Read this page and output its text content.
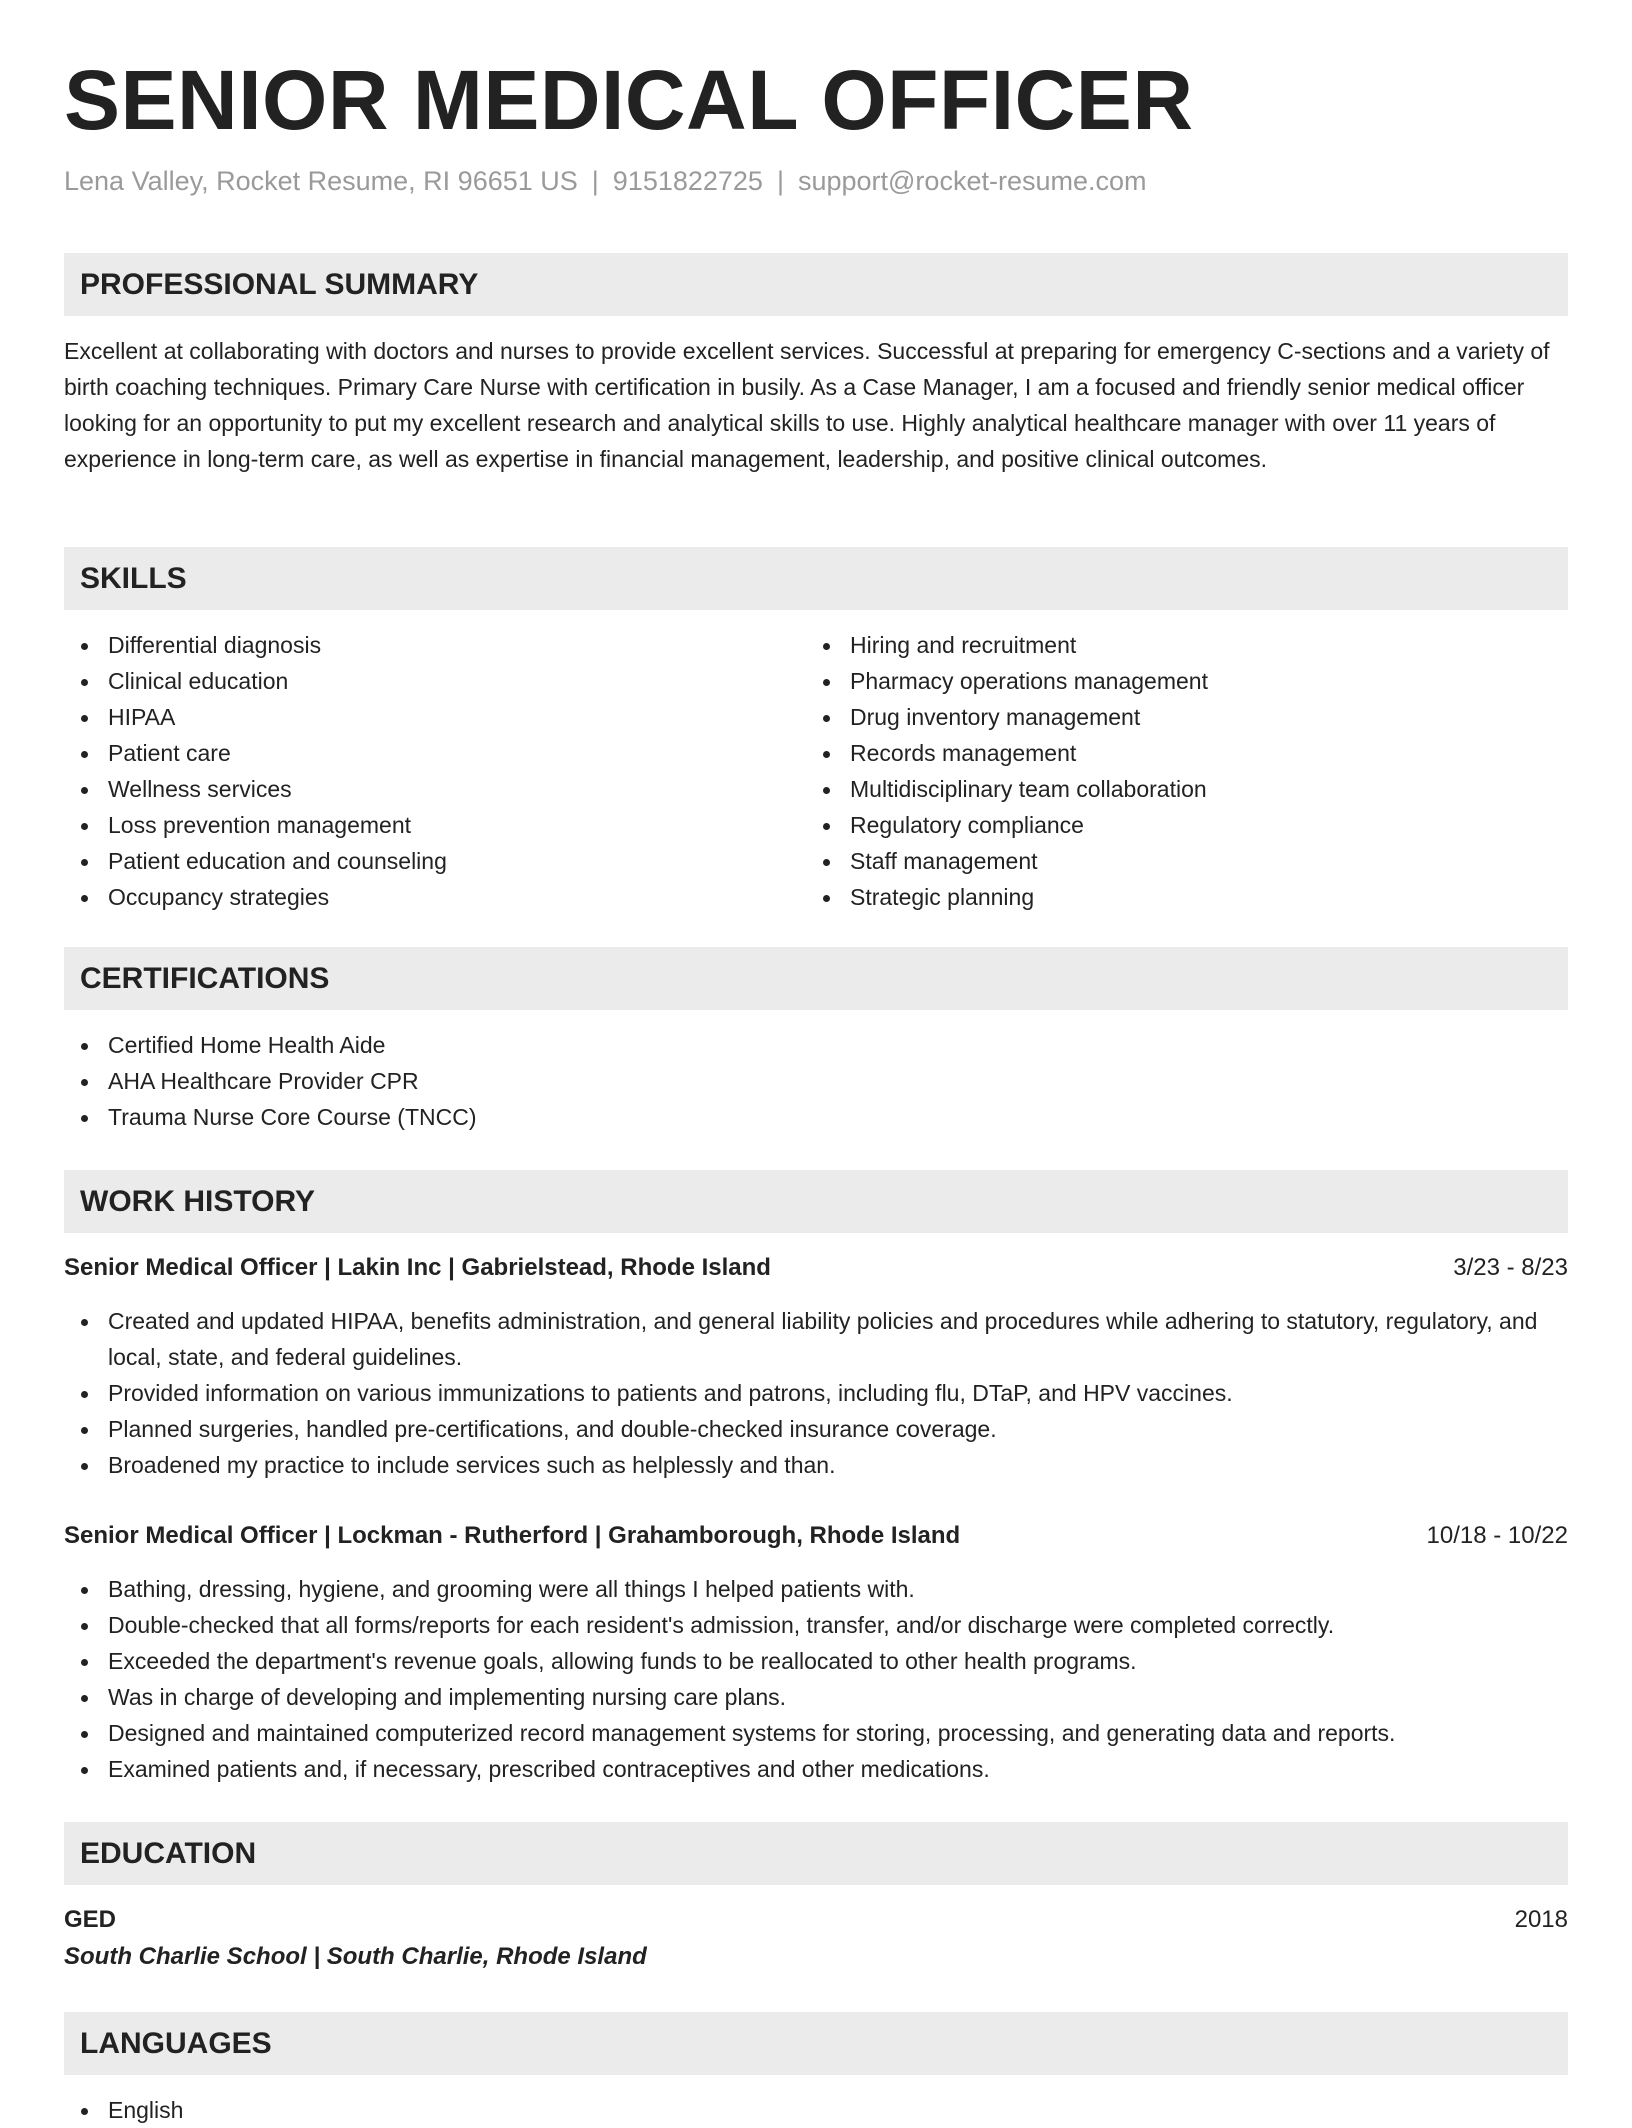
SENIOR MEDICAL OFFICER
Lena Valley, Rocket Resume, RI 96651 US | 9151822725 | support@rocket-resume.com
PROFESSIONAL SUMMARY
Excellent at collaborating with doctors and nurses to provide excellent services. Successful at preparing for emergency C-sections and a variety of birth coaching techniques. Primary Care Nurse with certification in busily. As a Case Manager, I am a focused and friendly senior medical officer looking for an opportunity to put my excellent research and analytical skills to use. Highly analytical healthcare manager with over 11 years of experience in long-term care, as well as expertise in financial management, leadership, and positive clinical outcomes.
SKILLS
Differential diagnosis
Clinical education
HIPAA
Patient care
Wellness services
Loss prevention management
Patient education and counseling
Occupancy strategies
Hiring and recruitment
Pharmacy operations management
Drug inventory management
Records management
Multidisciplinary team collaboration
Regulatory compliance
Staff management
Strategic planning
CERTIFICATIONS
Certified Home Health Aide
AHA Healthcare Provider CPR
Trauma Nurse Core Course (TNCC)
WORK HISTORY
Senior Medical Officer | Lakin Inc | Gabrielstead, Rhode Island	3/23 - 8/23
Created and updated HIPAA, benefits administration, and general liability policies and procedures while adhering to statutory, regulatory, and local, state, and federal guidelines.
Provided information on various immunizations to patients and patrons, including flu, DTaP, and HPV vaccines.
Planned surgeries, handled pre-certifications, and double-checked insurance coverage.
Broadened my practice to include services such as helplessly and than.
Senior Medical Officer | Lockman - Rutherford | Grahamborough, Rhode Island	10/18 - 10/22
Bathing, dressing, hygiene, and grooming were all things I helped patients with.
Double-checked that all forms/reports for each resident's admission, transfer, and/or discharge were completed correctly.
Exceeded the department's revenue goals, allowing funds to be reallocated to other health programs.
Was in charge of developing and implementing nursing care plans.
Designed and maintained computerized record management systems for storing, processing, and generating data and reports.
Examined patients and, if necessary, prescribed contraceptives and other medications.
EDUCATION
GED	2018
South Charlie School | South Charlie, Rhode Island
LANGUAGES
English
